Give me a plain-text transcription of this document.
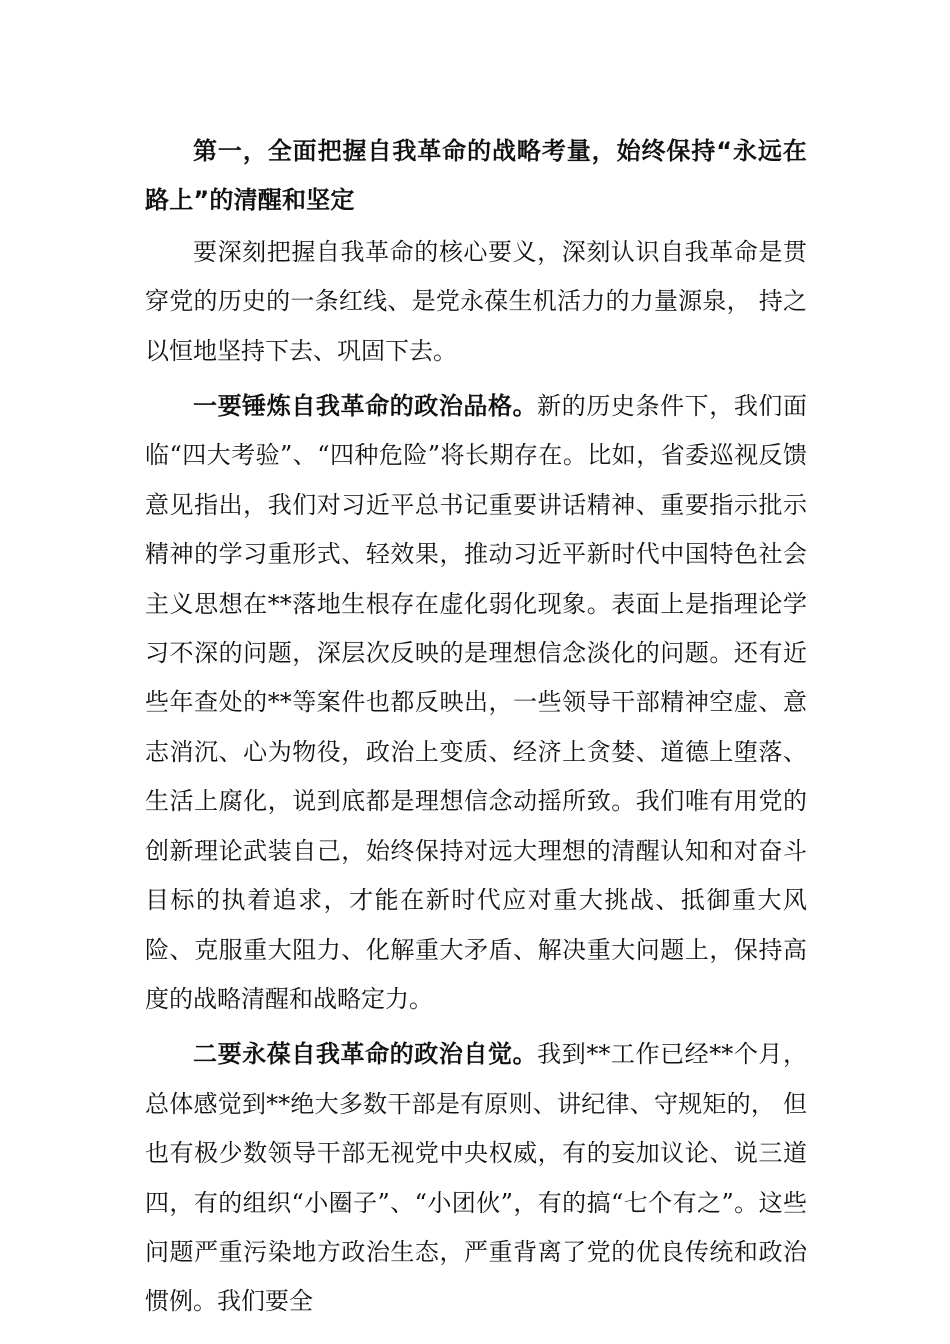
第一，全面把握自我革命的战略考量，始终保持“永远在路上”的清醒和坚定

要深刻把握自我革命的核心要义，深刻认识自我革命是贯穿党的历史的一条红线、是党永葆生机活力的力量源泉， 持之以恒地坚持下去、巩固下去。

一要锤炼自我革命的政治品格。新的历史条件下，我们面临“四大考验”、“四种危险”将长期存在。比如，省委巡视反馈意见指出，我们对习近平总书记重要讲话精神、重要指示批示精神的学习重形式、轻效果，推动习近平新时代中国特色社会主义思想在**落地生根存在虚化弱化现象。表面上是指理论学习不深的问题，深层次反映的是理想信念淡化的问题。还有近些年查处的**等案件也都反映出，一些领导干部精神空虚、意志消沉、心为物役，政治上变质、经济上贪婪、道德上堕落、生活上腐化，说到底都是理想信念动摇所致。我们唯有用党的创新理论武装自己，始终保持对远大理想的清醒认知和对奋斗目标的执着追求，才能在新时代应对重大挑战、抵御重大风险、克服重大阻力、化解重大矛盾、解决重大问题上，保持高度的战略清醒和战略定力。

二要永葆自我革命的政治自觉。我到**工作已经**个月， 总体感觉到**绝大多数干部是有原则、讲纪律、守规矩的， 但也有极少数领导干部无视党中央权威，有的妄加议论、说三道四，有的组织“小圈子”、“小团伙”，有的搞“七个有之”。这些问题严重污染地方政治生态，严重背离了党的优良传统和政治惯例。我们要全
